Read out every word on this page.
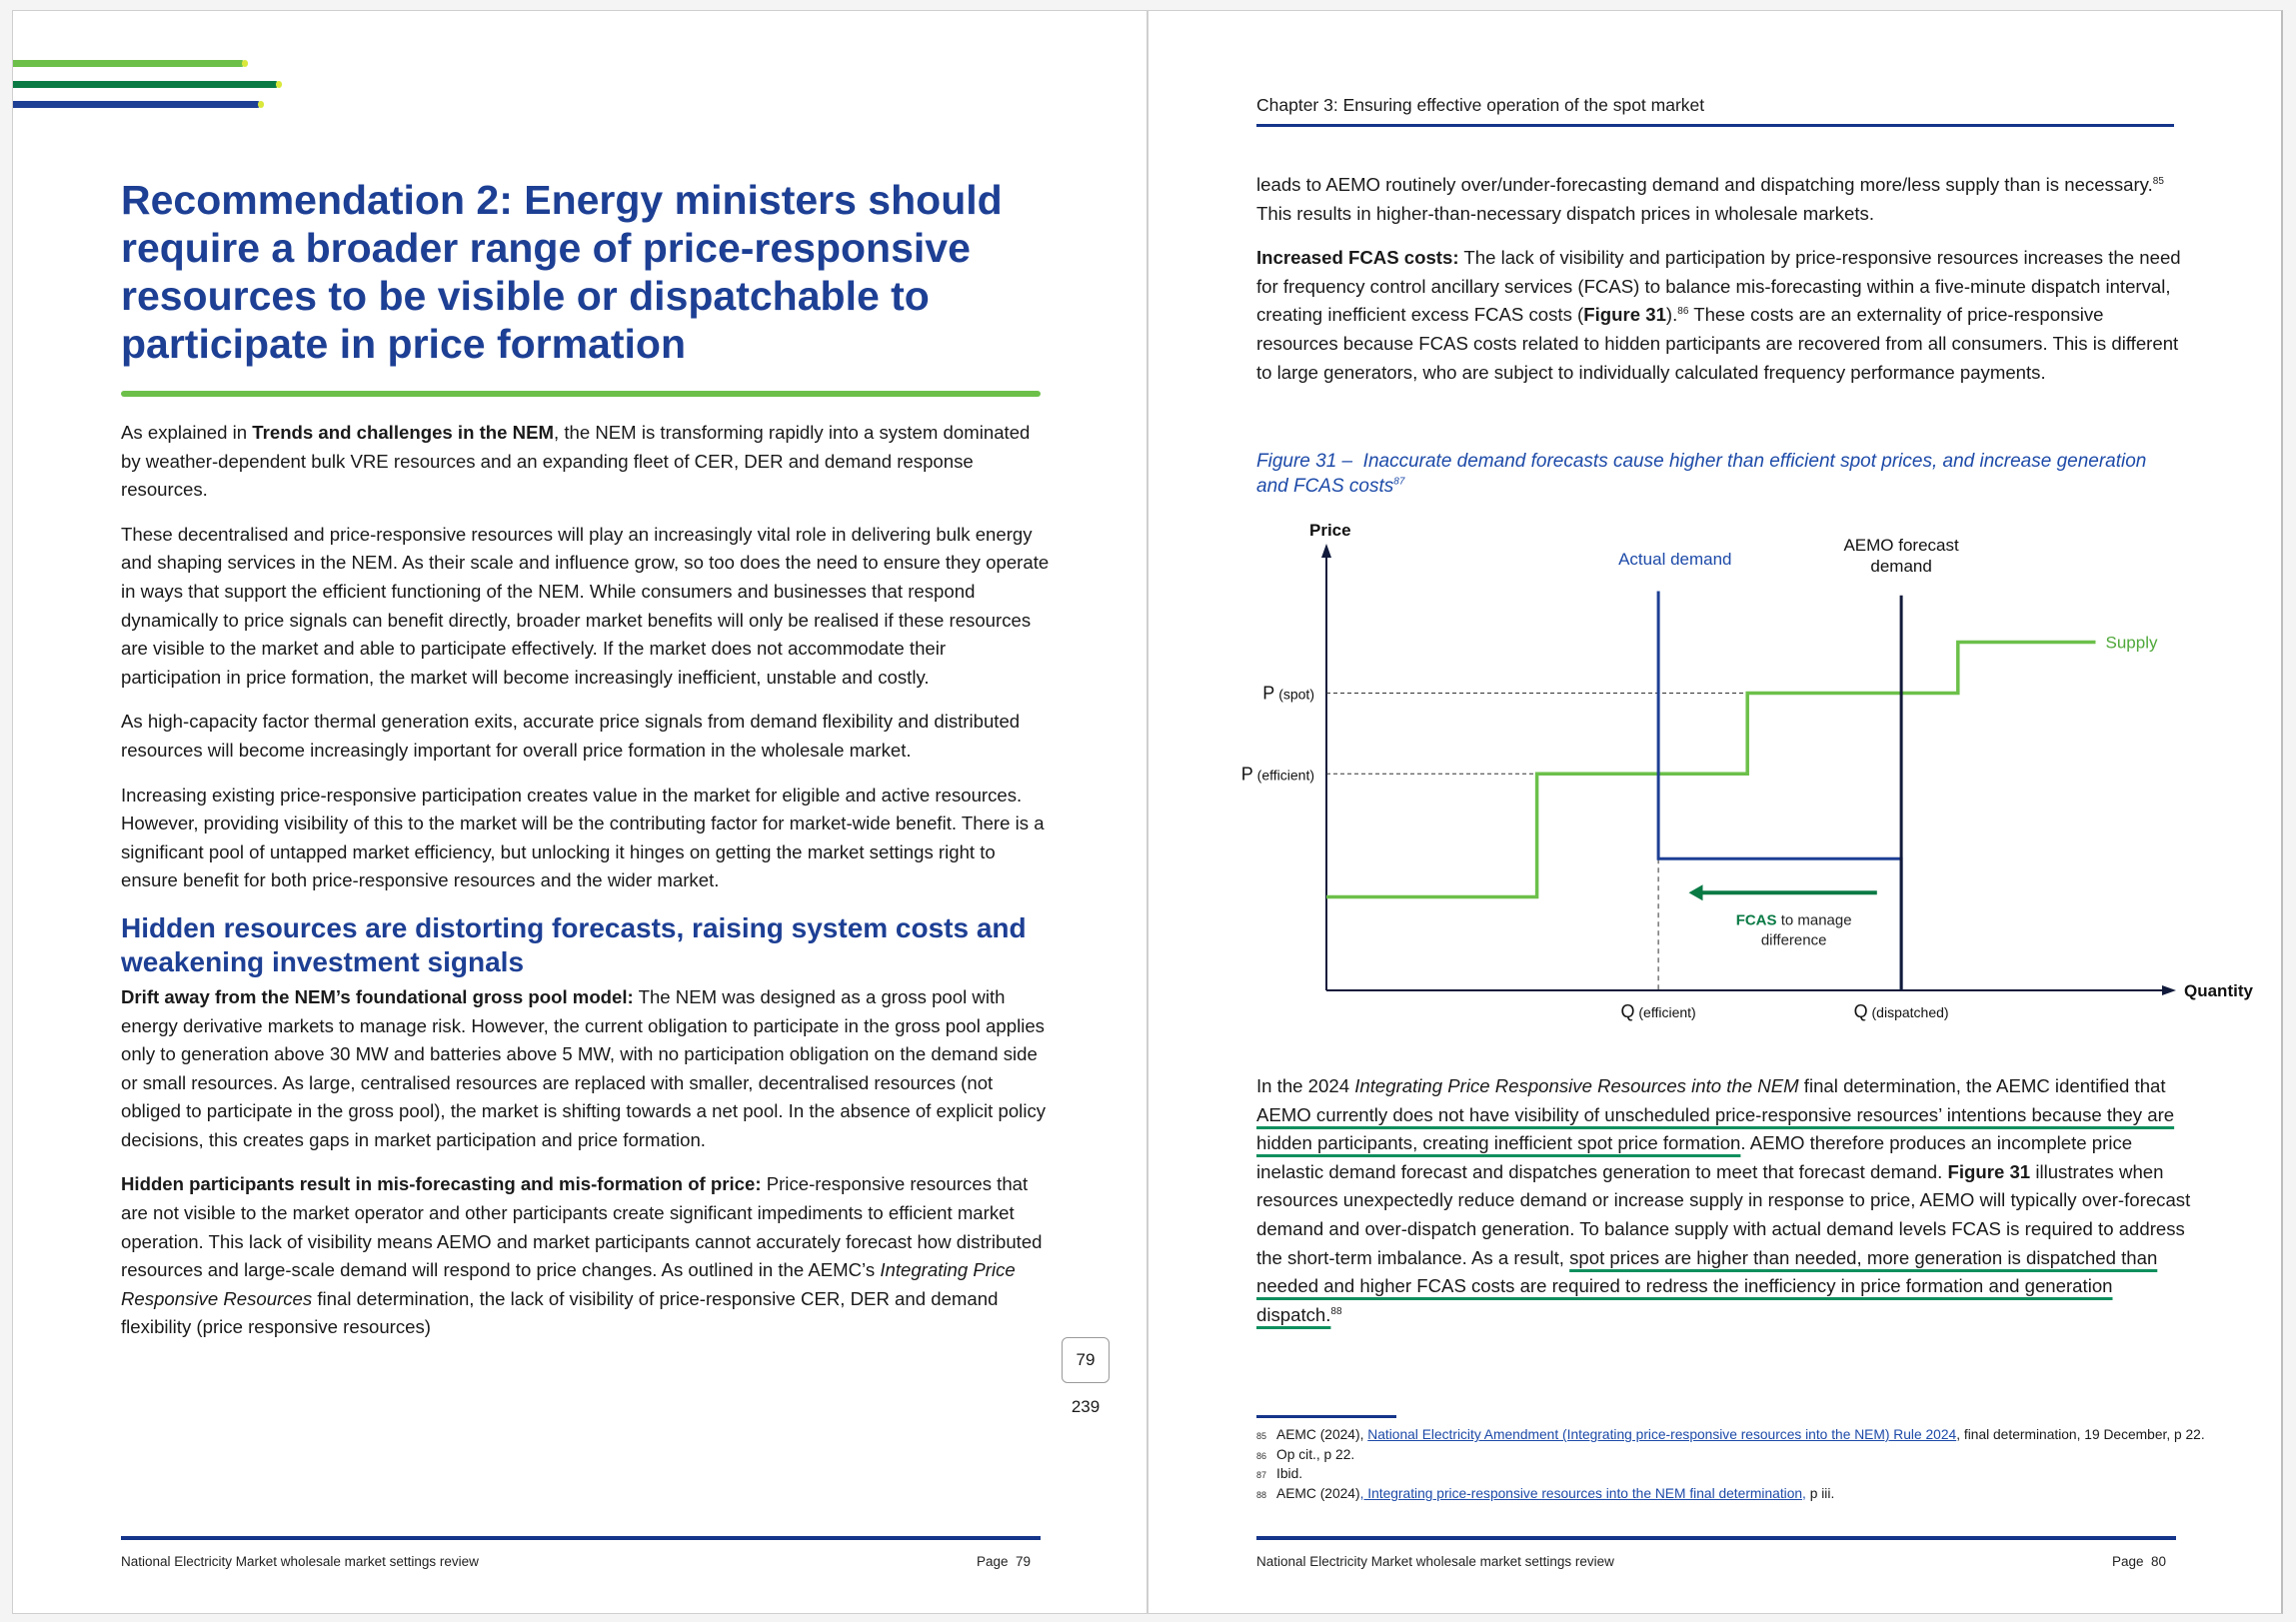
Recommendation 2: Energy ministers should require a broader range of price-responsive resources to be visible or dispatchable to participate in price formation

As explained in Trends and challenges in the NEM, the NEM is transforming rapidly into a system dominated by weather-dependent bulk VRE resources and an expanding fleet of CER, DER and demand response resources.

These decentralised and price-responsive resources will play an increasingly vital role in delivering bulk energy and shaping services in the NEM. As their scale and influence grow, so too does the need to ensure they operate in ways that support the efficient functioning of the NEM. While consumers and businesses that respond dynamically to price signals can benefit directly, broader market benefits will only be realised if these resources are visible to the market and able to participate effectively. If the market does not accommodate their participation in price formation, the market will become increasingly inefficient, unstable and costly.

As high-capacity factor thermal generation exits, accurate price signals from demand flexibility and distributed resources will become increasingly important for overall price formation in the wholesale market.

Increasing existing price-responsive participation creates value in the market for eligible and active resources. However, providing visibility of this to the market will be the contributing factor for market-wide benefit. There is a significant pool of untapped market efficiency, but unlocking it hinges on getting the market settings right to ensure benefit for both price-responsive resources and the wider market.

Hidden resources are distorting forecasts, raising system costs and weakening investment signals

Drift away from the NEM’s foundational gross pool model: The NEM was designed as a gross pool with energy derivative markets to manage risk. However, the current obligation to participate in the gross pool applies only to generation above 30 MW and batteries above 5 MW, with no participation obligation on the demand side or small resources. As large, centralised resources are replaced with smaller, decentralised resources (not obliged to participate in the gross pool), the market is shifting towards a net pool. In the absence of explicit policy decisions, this creates gaps in market participation and price formation.

Hidden participants result in mis-forecasting and mis-formation of price: Price-responsive resources that are not visible to the market operator and other participants create significant impediments to efficient market operation. This lack of visibility means AEMO and market participants cannot accurately forecast how distributed resources and large-scale demand will respond to price changes. As outlined in the AEMC’s Integrating Price Responsive Resources final determination, the lack of visibility of price-responsive CER, DER and demand flexibility (price responsive resources)

National Electricity Market wholesale market settings review	Page  79
79
239
Chapter 3: Ensuring effective operation of the spot market

leads to AEMO routinely over/under-forecasting demand and dispatching more/less supply than is necessary.$^{85}$  This results in higher-than-necessary dispatch prices in wholesale markets.

Increased FCAS costs: The lack of visibility and participation by price-responsive resources increases the need for frequency control ancillary services (FCAS) to balance mis-forecasting within a five-minute dispatch interval, creating inefficient excess FCAS costs (Figure 31).$^{86}$ These costs are an externality of price-responsive resources because FCAS costs related to hidden participants are recovered from all consumers. This is different to large generators, who are subject to individually calculated frequency performance payments.

Figure 31 –  Inaccurate demand forecasts cause higher than efficient spot prices, and increase generation and FCAS costs$^{87}$
P (spot)
P (efficient)
Q (efficient)	Q (dispatched)
FCAS to manage
difference
Price
Quantity
Supply
Actual demand
AEMO forecast
demand

In the 2024 Integrating Price Responsive Resources into the NEM final determination, the AEMC identified that AEMO currently does not have visibility of unscheduled price-responsive resources’ intentions because they are hidden participants, creating inefficient spot price formation. AEMO therefore produces an incomplete price inelastic demand forecast and dispatches generation to meet that forecast demand. Figure 31 illustrates when resources unexpectedly reduce demand or increase supply in response to price, AEMO will typically over-forecast demand and over-dispatch generation. To balance supply with actual demand levels FCAS is required to address the short-term imbalance. As a result, spot prices are higher than needed, more generation is dispatched than needed and higher FCAS costs are required to redress the inefficiency in price formation and generation dispatch.$^{88}$

85 AEMC (2024), National Electricity Amendment (Integrating price-responsive resources into the NEM) Rule 2024, final determination, 19 December, p 22.
86 Op cit., p 22.
87 Ibid.
88 AEMC (2024), Integrating price-responsive resources into the NEM final determination, p iii.
National Electricity Market wholesale market settings review	Page  80
